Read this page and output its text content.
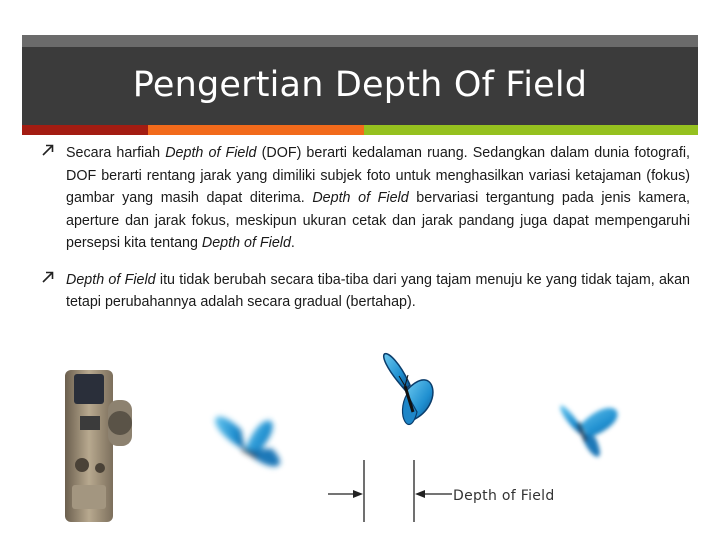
Pengertian Depth Of Field
Secara harfiah Depth of Field (DOF) berarti kedalaman ruang. Sedangkan dalam dunia fotografi, DOF berarti rentang jarak yang dimiliki subjek foto untuk menghasilkan variasi ketajaman (fokus) gambar yang masih dapat diterima. Depth of Field bervariasi tergantung pada jenis kamera, aperture dan jarak fokus, meskipun ukuran cetak dan jarak pandang juga dapat mempengaruhi persepsi kita tentang Depth of Field.
Depth of Field itu tidak berubah secara tiba-tiba dari yang tajam menuju ke yang tidak tajam, akan tetapi perubahannya adalah secara gradual (bertahap).
Depth of Field
